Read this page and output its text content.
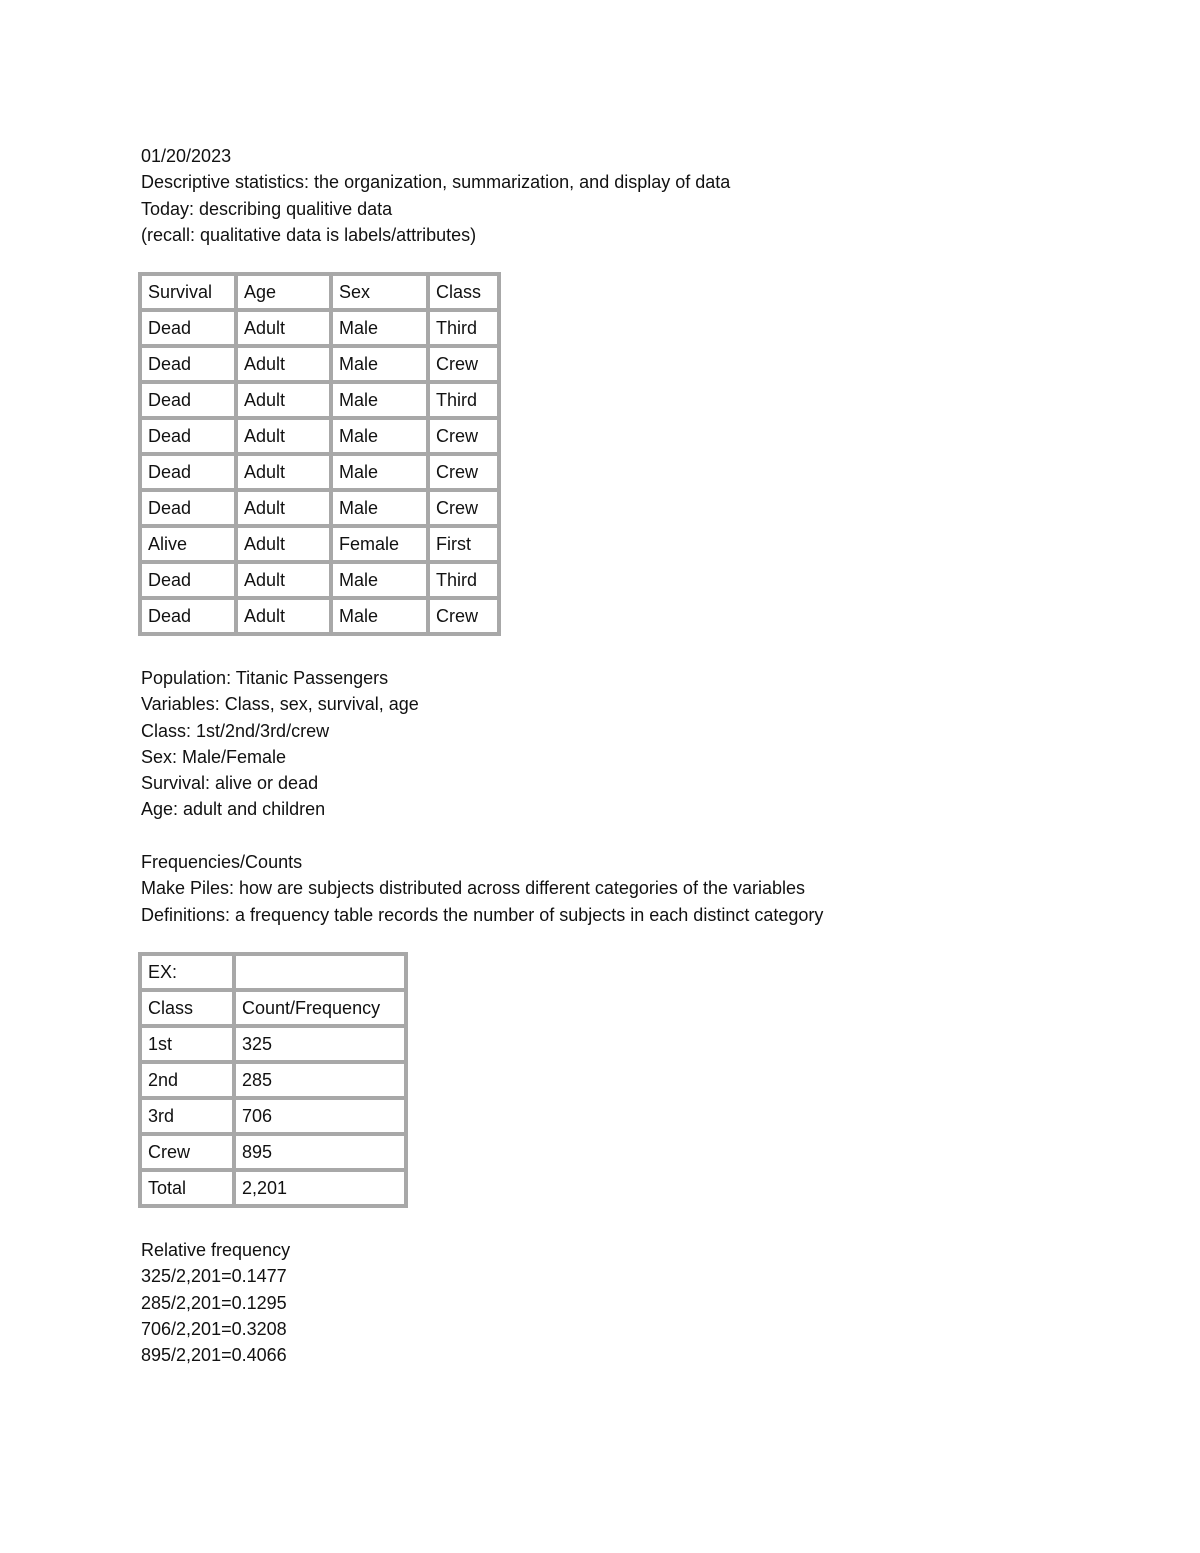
01/20/2023
Descriptive statistics: the organization, summarization, and display of data
Today: describing qualitive data
(recall: qualitative data is labels/attributes)
Survival	Age	Sex	Class
Dead	Adult	Male	Third
Dead	Adult	Male	Crew
Dead	Adult	Male	Third
Dead	Adult	Male	Crew
Dead	Adult	Male	Crew
Dead	Adult	Male	Crew
Alive	Adult	Female	First
Dead	Adult	Male	Third
Dead	Adult	Male	Crew
Population: Titanic Passengers
Variables: Class, sex, survival, age
Class: 1st/2nd/3rd/crew
Sex: Male/Female
Survival: alive or dead
Age: adult and children
Frequencies/Counts
Make Piles: how are subjects distributed across different categories of the variables
Definitions: a frequency table records the number of subjects in each distinct category
EX:	
Class	Count/Frequency
1st	325
2nd	285
3rd	706
Crew	895
Total	2,201
Relative frequency
325/2,201=0.1477
285/2,201=0.1295
706/2,201=0.3208
895/2,201=0.4066
